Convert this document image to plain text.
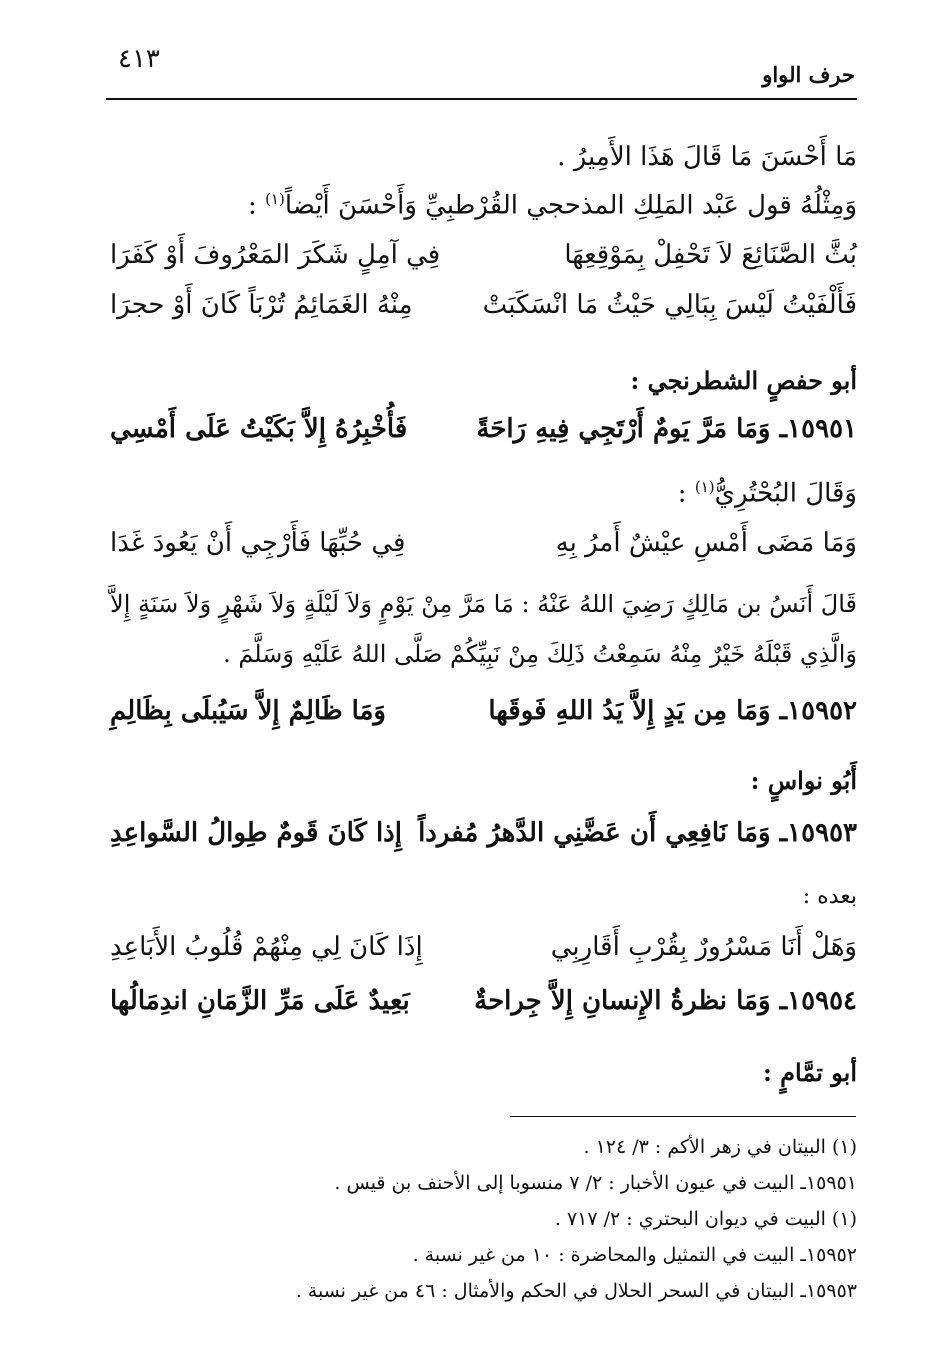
٤١٣
حرف الواو
مَا أَحْسَنَ مَا قَالَ هَذَا الأَمِيرُ .
وَمِثْلُهُ قول عَبْد المَلِكِ المذحجي القُرْطبِيِّ وَأَحْسَنَ أَيْضاً$^{(١)}$ :
بُثَّ الصَّنَائِعَ لاَ تَحْفِلْ بِمَوْقِعِهَا
فِي آمِلٍ شَكَرَ المَعْرُوفَ أَوْ كَفَرَا
فَأَلْفَيْتُ لَيْسَ بِبَالِي حَيْثُ مَا انْسَكَبَتْ
مِنْهُ الغَمَائِمُ تُرْبَاً كَانَ أَوْ حجرَا
أبو حفصٍ الشطرنجي :
١٥٩٥١ـ وَمَا مَرَّ يَومٌ أَرْتَجِي فِيهِ رَاحَةً
فَأُخْبِرُهُ إِلاَّ بَكَيْتُ عَلَى أَمْسِي
وَقَالَ البُحْتُرِيُّ$^{(١)}$ :
وَمَا مَضَى أَمْسِ عيْشٌ أَمرُ بِهِ
فِي حُبِّهَا فَأَرْجِي أَنْ يَعُودَ غَدَا
قَالَ أَنَسُ بن مَالِكٍ رَضِيَ اللهُ عَنْهُ : مَا مَرَّ مِنْ يَوْمٍ وَلاَ لَيْلَةٍ وَلاَ شَهْرٍ وَلاَ سَنَةٍ إِلاَّ
وَالَّذِي قَبْلَهُ خَيْرٌ مِنْهُ سَمِعْتُ ذَلِكَ مِنْ نَبِيِّكُمْ صَلَّى اللهُ عَلَيْهِ وَسَلَّمَ .
١٥٩٥٢ـ وَمَا مِن يَدٍ إِلاَّ يَدُ اللهِ فَوقَها
وَمَا ظَالِمٌ إِلاَّ سَيُبلَى بِظَالِمِ
أَبُو نواسٍ :
١٥٩٥٣ـ وَمَا نَافِعِي أَن عَضَّنِي الدَّهرُ مُفرداً
إِذا كَانَ قَومٌ طِوالُ السَّواعِدِ
بعده :
وَهَلْ أَنَا مَسْرُورٌ بِقُرْبِ أَقَارِبِي
إِذَا كَانَ لِي مِنْهُمْ قُلُوبُ الأَبَاعِدِ
١٥٩٥٤ـ وَمَا نظرةُ الإِنسانِ إِلاَّ جِراحةٌ
بَعِيدٌ عَلَى مَرِّ الزَّمَانِ اندِمَالُها
أبو تمَّامٍ :
(١) البيتان في زهر الأكم : ٣/ ١٢٤ .
١٥٩٥١ـ البيت في عيون الأخبار : ٢/ ٧ منسوبا إلى الأحنف بن قيس .
(١) البيت في ديوان البحتري : ٢/ ٧١٧ .
١٥٩٥٢ـ البيت في التمثيل والمحاضرة : ١٠ من غير نسبة .
١٥٩٥٣ـ البيتان في السحر الحلال في الحكم والأمثال : ٤٦ من غير نسبة .
